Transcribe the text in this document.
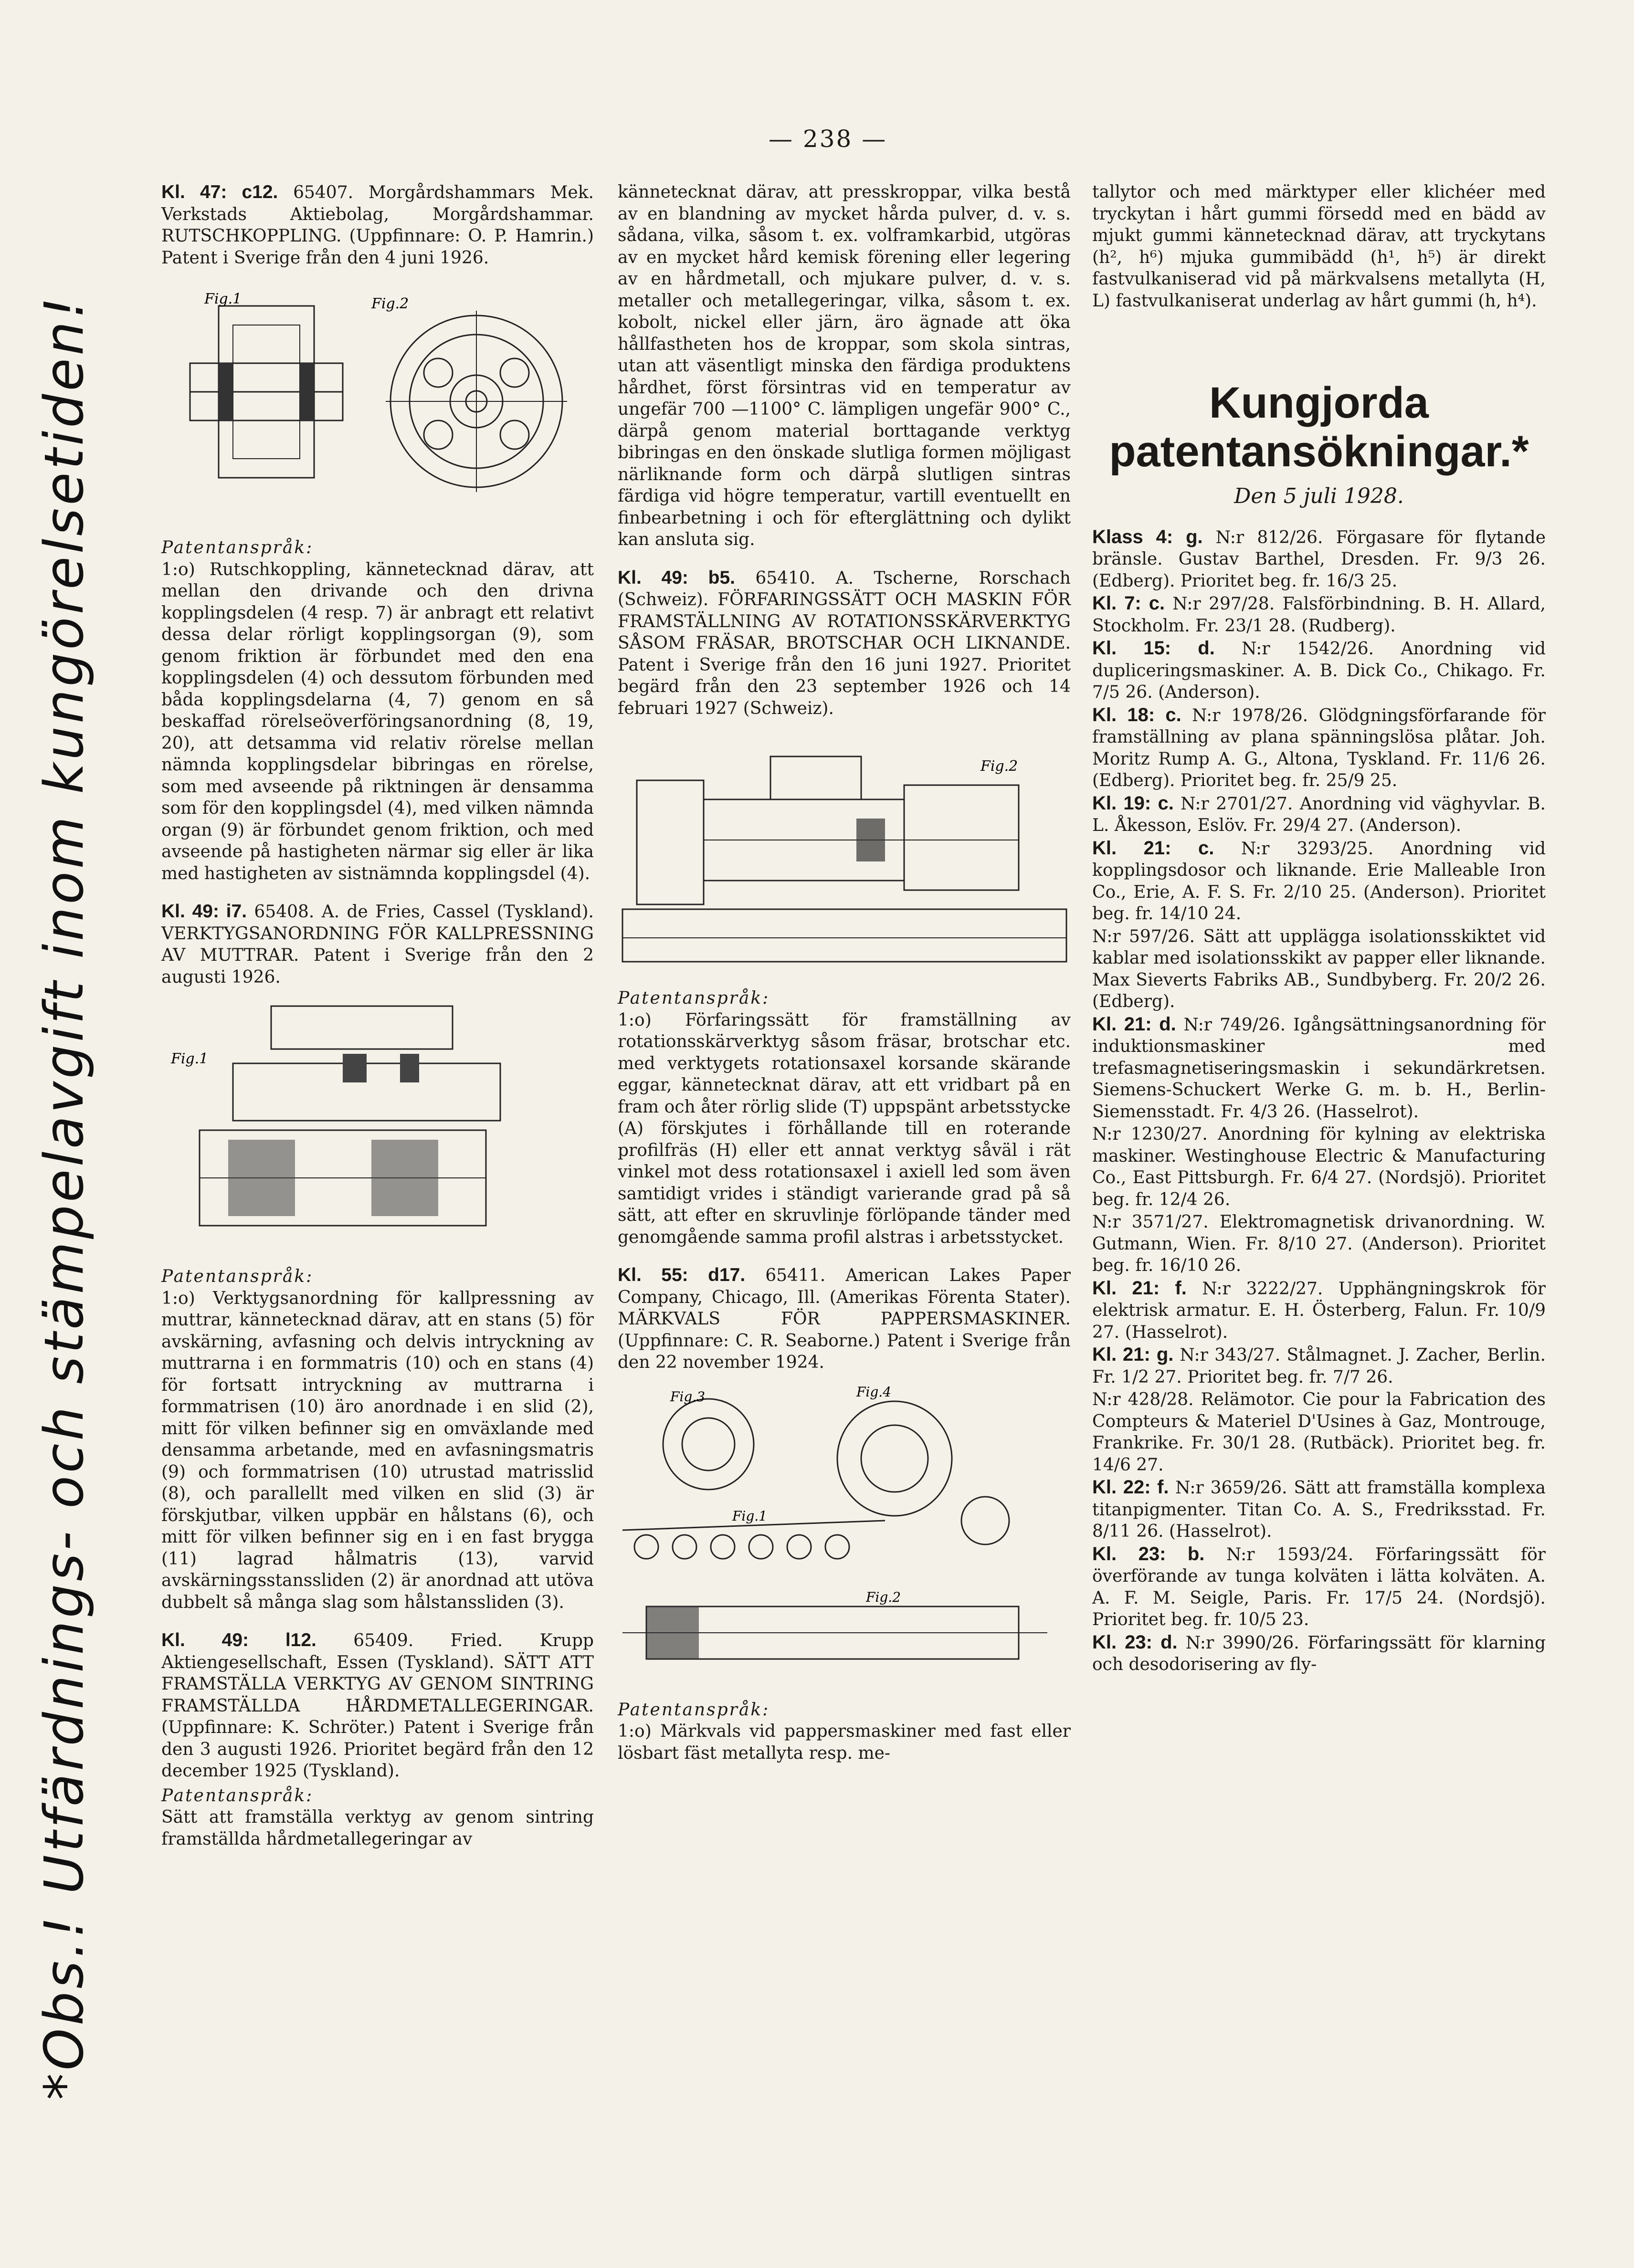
— 238 —
*Obs.! Utfärdnings- och stämpelavgift inom kungörelsetiden!

Kl. 47: c12. 65407. Morgårdshammars Mek. Verkstads Aktiebolag, Morgårdshammar. RUTSCHKOPPLING. (Uppfinnare: O. P. Hamrin.) Patent i Sverige från den 4 juni 1926.

Fig.1	Fig.2

Patentanspråk:

1:o) Rutschkoppling, kännetecknad därav, att mellan den drivande och den drivna kopplingsdelen (4 resp. 7) är anbragt ett relativt dessa delar rörligt kopplingsorgan (9), som genom friktion är förbundet med den ena kopplingsdelen (4) och dessutom förbunden med båda kopplingsdelarna (4, 7) genom en så beskaffad rörelseöverföringsanordning (8, 19, 20), att detsamma vid relativ rörelse mellan nämnda kopplingsdelar bibringas en rörelse, som med avseende på riktningen är densamma som för den kopplingsdel (4), med vilken nämnda organ (9) är förbundet genom friktion, och med avseende på hastigheten närmar sig eller är lika med hastigheten av sistnämnda kopplingsdel (4).

Kl. 49: i7. 65408. A. de Fries, Cassel (Tyskland). VERKTYGSANORDNING FÖR KALLPRESSNING AV MUTTRAR. Patent i Sverige från den 2 augusti 1926.

Fig.1

Patentanspråk:

1:o) Verktygsanordning för kallpressning av muttrar, kännetecknad därav, att en stans (5) för avskärning, avfasning och delvis intryckning av muttrarna i en formmatris (10) och en stans (4) för fortsatt intryckning av muttrarna i formmatrisen (10) äro anordnade i en slid (2), mitt för vilken befinner sig en omväxlande med densamma arbetande, med en avfasningsmatris (9) och formmatrisen (10) utrustad matrisslid (8), och parallellt med vilken en slid (3) är förskjutbar, vilken uppbär en hålstans (6), och mitt för vilken befinner sig en i en fast brygga (11) lagrad hålmatris (13), varvid avskärningsstanssliden (2) är anordnad att utöva dubbelt så många slag som hålstanssliden (3).

Kl. 49: l12. 65409. Fried. Krupp Aktiengesellschaft, Essen (Tyskland). SÄTT ATT FRAMSTÄLLA VERKTYG AV GENOM SINTRING FRAMSTÄLLDA HÅRDMETALLEGERINGAR. (Uppfinnare: K. Schröter.) Patent i Sverige från den 3 augusti 1926. Prioritet begärd från den 12 december 1925 (Tyskland).

Patentanspråk:

Sätt att framställa verktyg av genom sintring framställda hårdmetallegeringar av

kännetecknat därav, att presskroppar, vilka bestå av en blandning av mycket hårda pulver, d. v. s. sådana, vilka, såsom t. ex. volframkarbid, utgöras av en mycket hård kemisk förening eller legering av en hårdmetall, och mjukare pulver, d. v. s. metaller och metallegeringar, vilka, såsom t. ex. kobolt, nickel eller järn, äro ägnade att öka hållfastheten hos de kroppar, som skola sintras, utan att väsentligt minska den färdiga produktens hårdhet, först försintras vid en temperatur av ungefär 700 —1100° C. lämpligen ungefär 900° C., därpå genom material borttagande verktyg bibringas en den önskade slutliga formen möjligast närliknande form och därpå slutligen sintras färdiga vid högre temperatur, vartill eventuellt en finbearbetning i och för efterglättning och dylikt kan ansluta sig.

Kl. 49: b5. 65410. A. Tscherne, Rorschach (Schweiz). FÖRFARINGSSÄTT OCH MASKIN FÖR FRAMSTÄLLNING AV ROTATIONSSKÄRVERKTYG SÅSOM FRÄSAR, BROTSCHAR OCH LIKNANDE. Patent i Sverige från den 16 juni 1927. Prioritet begärd från den 23 september 1926 och 14 februari 1927 (Schweiz).

Fig.2

Patentanspråk:

1:o) Förfaringssätt för framställning av rotationsskärverktyg såsom fräsar, brotschar etc. med verktygets rotationsaxel korsande skärande eggar, kännetecknat därav, att ett vridbart på en fram och åter rörlig slide (T) uppspänt arbetsstycke (A) förskjutes i förhållande till en roterande profilfräs (H) eller ett annat verktyg såväl i rät vinkel mot dess rotationsaxel i axiell led som även samtidigt vrides i ständigt varierande grad på så sätt, att efter en skruvlinje förlöpande tänder med genomgående samma profil alstras i arbetsstycket.

Kl. 55: d17. 65411. American Lakes Paper Company, Chicago, Ill. (Amerikas Förenta Stater). MÄRKVALS FÖR PAPPERSMASKINER. (Uppfinnare: C. R. Seaborne.) Patent i Sverige från den 22 november 1924.

Fig.3	Fig.4
Fig.1
Fig.2

Patentanspråk:

1:o) Märkvals vid pappersmaskiner med fast eller lösbart fäst metallyta resp. me-

tallytor och med märktyper eller klichéer med tryckytan i hårt gummi försedd med en bädd av mjukt gummi kännetecknad därav, att tryckytans (h², h⁶) mjuka gummibädd (h¹, h⁵) är direkt fastvulkaniserad vid på märkvalsens metallyta (H, L) fastvulkaniserat underlag av hårt gummi (h, h⁴).

Kungjorda patentansökningar.*
Den 5 juli 1928.

Klass 4: g. N:r 812/26. Förgasare för flytande bränsle. Gustav Barthel, Dresden. Fr. 9/3 26. (Edberg). Prioritet beg. fr. 16/3 25.

Kl. 7: c. N:r 297/28. Falsförbindning. B. H. Allard, Stockholm. Fr. 23/1 28. (Rudberg).

Kl. 15: d. N:r 1542/26. Anordning vid dupliceringsmaskiner. A. B. Dick Co., Chikago. Fr. 7/5 26. (Anderson).

Kl. 18: c. N:r 1978/26. Glödgningsförfarande för framställning av plana spänningslösa plåtar. Joh. Moritz Rump A. G., Altona, Tyskland. Fr. 11/6 26. (Edberg). Prioritet beg. fr. 25/9 25.

Kl. 19: c. N:r 2701/27. Anordning vid väghyvlar. B. L. Åkesson, Eslöv. Fr. 29/4 27. (Anderson).

Kl. 21: c. N:r 3293/25. Anordning vid kopplingsdosor och liknande. Erie Malleable Iron Co., Erie, A. F. S. Fr. 2/10 25. (Anderson). Prioritet beg. fr. 14/10 24.

N:r 597/26. Sätt att upplägga isolationsskiktet vid kablar med isolationsskikt av papper eller liknande. Max Sieverts Fabriks AB., Sundbyberg. Fr. 20/2 26. (Edberg).

Kl. 21: d. N:r 749/26. Igångsättningsanordning för induktionsmaskiner med trefasmagnetiseringsmaskin i sekundärkretsen. Siemens-Schuckert Werke G. m. b. H., Berlin-Siemensstadt. Fr. 4/3 26. (Hasselrot).

N:r 1230/27. Anordning för kylning av elektriska maskiner. Westinghouse Electric & Manufacturing Co., East Pittsburgh. Fr. 6/4 27. (Nordsjö). Prioritet beg. fr. 12/4 26.

N:r 3571/27. Elektromagnetisk drivanordning. W. Gutmann, Wien. Fr. 8/10 27. (Anderson). Prioritet beg. fr. 16/10 26.

Kl. 21: f. N:r 3222/27. Upphängningskrok för elektrisk armatur. E. H. Österberg, Falun. Fr. 10/9 27. (Hasselrot).

Kl. 21: g. N:r 343/27. Stålmagnet. J. Zacher, Berlin. Fr. 1/2 27. Prioritet beg. fr. 7/7 26.

N:r 428/28. Relämotor. Cie pour la Fabrication des Compteurs & Materiel D'Usines à Gaz, Montrouge, Frankrike. Fr. 30/1 28. (Rutbäck). Prioritet beg. fr. 14/6 27.

Kl. 22: f. N:r 3659/26. Sätt att framställa komplexa titanpigmenter. Titan Co. A. S., Fredriksstad. Fr. 8/11 26. (Hasselrot).

Kl. 23: b. N:r 1593/24. Förfaringssätt för överförande av tunga kolväten i lätta kolväten. A. A. F. M. Seigle, Paris. Fr. 17/5 24. (Nordsjö). Prioritet beg. fr. 10/5 23.

Kl. 23: d. N:r 3990/26. Förfaringssätt för klarning och desodorisering av fly-
